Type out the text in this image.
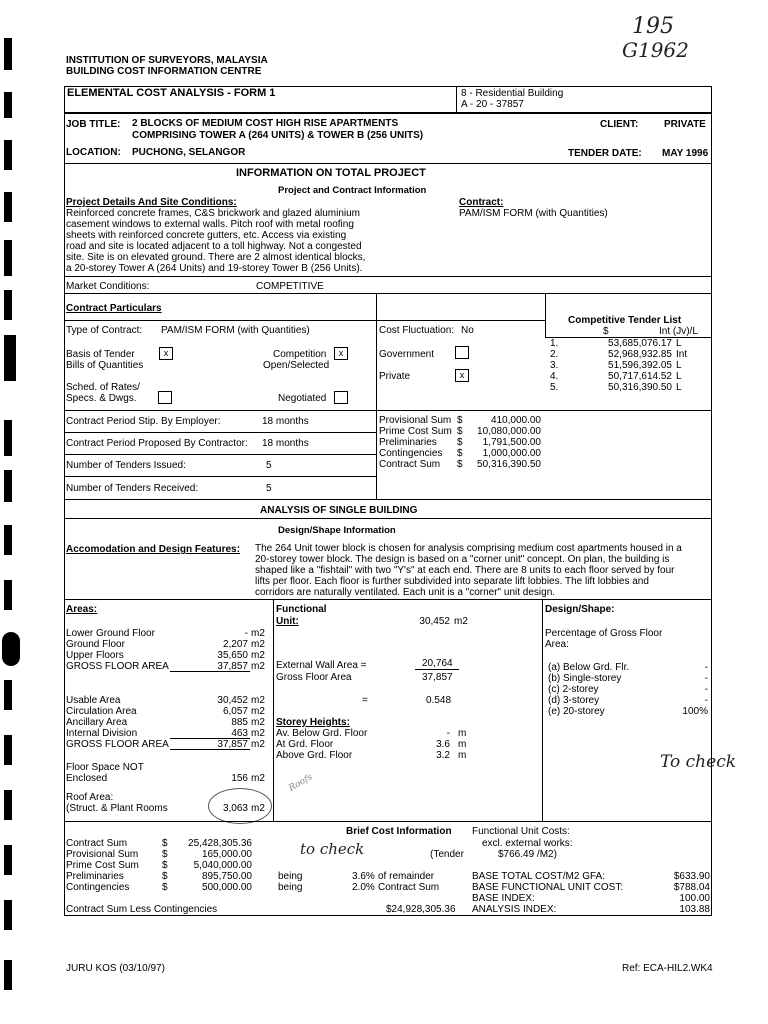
195
G1962
to check
To check
Roofs
INSTITUTION OF SURVEYORS, MALAYSIA
BUILDING COST INFORMATION CENTRE
ELEMENTAL COST ANALYSIS - FORM 1	8 - Residential Building
A - 20 - 37857
JOB TITLE: 2 BLOCKS OF MEDIUM COST HIGH RISE APARTMENTS
COMPRISING TOWER A (264 UNITS) & TOWER B (256 UNITS)
CLIENT:	PRIVATE
LOCATION: PUCHONG, SELANGOR	TENDER DATE: MAY 1996
INFORMATION ON TOTAL PROJECT
Project and Contract Information
Project Details And Site Conditions:
Reinforced concrete frames, C&S brickwork and glazed aluminium
casement windows to external walls. Pitch roof with metal roofing
sheets with reinforced concrete gutters, etc. Access via existing
road and site is located adjacent to a toll highway. Not a congested
site. Site is on elevated ground. There are 2 almost identical blocks,
a 20-storey Tower A (264 Units) and 19-storey Tower B (256 Units).
Contract:
PAM/ISM FORM (with Quantities)
Market Conditions:	COMPETITIVE
Contract Particulars
Type of Contract: PAM/ISM FORM (with Quantities)
Basis of Tender
Bills of Quantities
x	Competition
Open/Selected
x
Sched. of Rates/
Specs. & Dwgs.	Negotiated
Cost Fluctuation: No
Government
Private	x
Competitive Tender List
$	Int (Jv)/L
1.	53,685,076.17 L
2.	52,968,932.85 Int
3.	51,596,392.05 L
4.	50,717,614.52 L
5.	50,316,390.50 L
Contract Period Stip. By Employer:	18 months
Contract Period Proposed By Contractor: 18 months
Number of Tenders Issued:	5
Number of Tenders Received:	5
Provisional Sum $	410,000.00
Prime Cost Sum $	10,080,000.00
Preliminaries $	1,791,500.00
Contingencies $	1,000,000.00
Contract Sum $	50,316,390.50
ANALYSIS OF SINGLE BUILDING
Design/Shape Information
Accomodation and Design Features: The 264 Unit tower block is chosen for analysis comprising medium cost apartments housed in a
20-storey tower block. The design is based on a "corner unit" concept. On plan, the building is
shaped like a "fishtail" with two "Y's" at each end. There are 8 units to each floor served by four
lifts per floor. Each floor is further subdivided into separate lift lobbies. The lift lobbies and
corridors are naturally ventilated. Each unit is a "corner" unit design.
Areas:
Lower Ground Floor	- m2
Ground Floor	2,207 m2
Upper Floors	35,650 m2
GROSS FLOOR AREA	37,857 m2
Usable Area	30,452 m2
Circulation Area	6,057 m2
Ancillary Area	885 m2
Internal Division	463 m2
GROSS FLOOR AREA	37,857 m2
Floor Space NOT
Enclosed	156 m2
Roof Area:
(Struct. & Plant Rooms	3,063 m2
Functional
Unit:	30,452 m2
External Wall Area =	20,764
Gross Floor Area	37,857
=	0.548
Storey Heights:
Av. Below Grd. Floor	- m
At Grd. Floor	3.6 m
Above Grd. Floor	3.2 m
Design/Shape:
Percentage of Gross Floor
Area:
(a) Below Grd. Flr.	-
(b) Single-storey	-
(c) 2-storey	-
(d) 3-storey	-
(e) 20-storey	100%
Brief Cost Information
Contract Sum	$	25,428,305.36
Provisional Sum $	165,000.00
Prime Cost Sum $	5,040,000.00
Preliminaries	$	895,750.00
Contingencies	$	500,000.00
(Tender
being	3.6% of remainder
being	2.0% Contract Sum
Contract Sum Less Contingencies	$24,928,305.36
Functional Unit Costs:
excl. external works:
$766.49 /M2)
BASE TOTAL COST/M2 GFA:	$633.90
BASE FUNCTIONAL UNIT COST:	$788.04
BASE INDEX:	100.00
ANALYSIS INDEX:	103.88
JURU KOS (03/10/97)	Ref: ECA-HIL2.WK4
